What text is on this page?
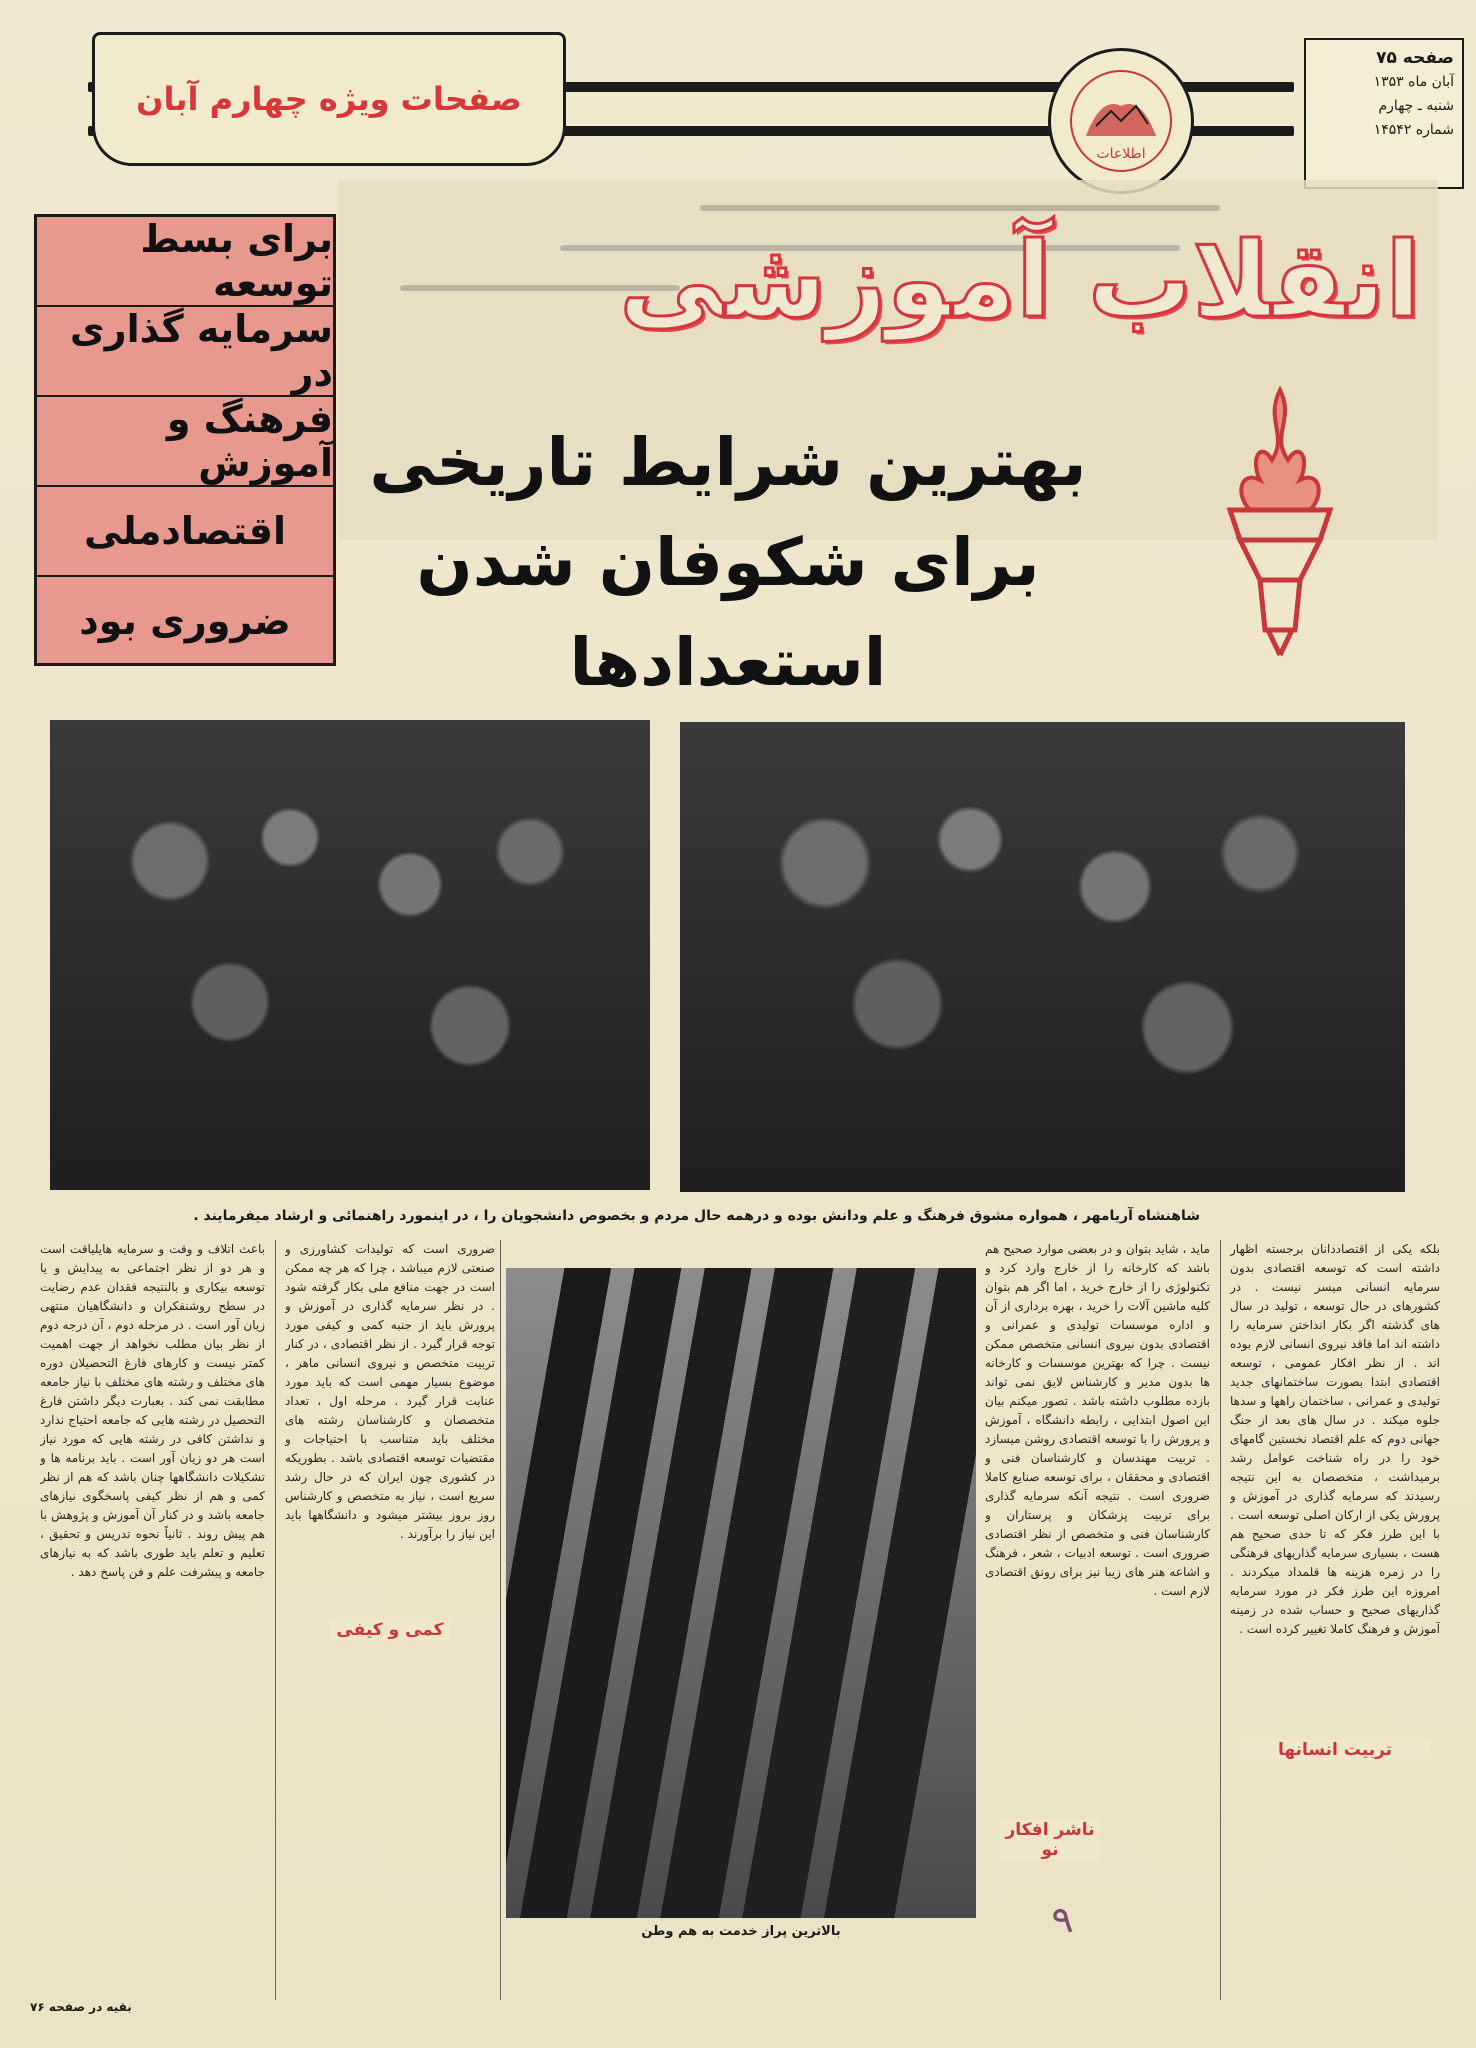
صفحات ویژه چهارم آبان
اطلاعات
صفحه ۷۵
آبان ماه ۱۳۵۳
شنبه ـ چهارم
شماره ۱۴۵۴۲
انقلاب آموزشی
بهترین شرایط تاریخی
برای شکوفان شدن
استعدادها
برای بسط توسعه
سرمایه گذاری در
فرهنگ و آموزش
اقتصادملی
ضروری بود
شاهنشاه آریامهر ، همواره مشوق فرهنگ و علم ودانش بوده و درهمه حال مردم و بخصوص دانشجویان را ، در اینمورد راهنمائی و ارشاد میفرمایند .
بالاترین پراز خدمت به هم وطن
باعث اتلاف و وقت و سرمایه هایلیاقت است و هر دو از نظر اجتماعی به پیدایش و یا توسعه بیکاری و بالنتیجه فقدان عدم رضایت در سطح روشنفکران و دانشگاهیان منتهی زیان آور است . در مرحله دوم ، آن درجه دوم از نظر بیان مطلب نخواهد از جهت اهمیت کمتر نیست و کارهای فارغ التحصیلان دوره های مختلف و رشته های مختلف با نیاز جامعه مطابقت نمی کند . بعبارت دیگر داشتن فارغ التحصیل در رشته هایی که جامعه احتیاج ندارد و نداشتن کافی در رشته هایی که مورد نیاز است هر دو زیان آور است . باید برنامه ها و تشکیلات دانشگاهها چنان باشد که هم از نظر کمی و هم از نظر کیفی پاسخگوی نیازهای جامعه باشد و در کنار آن آموزش و پژوهش با هم پیش روند . ثانیاً نحوه تدریس و تحقیق ، تعلیم و تعلم باید طوری باشد که به نیازهای جامعه و پیشرفت علم و فن پاسخ دهد .
ضروری است که تولیدات کشاورزی و صنعتی لازم میباشد ، چرا که هر چه ممکن است در جهت منافع ملی بکار گرفته شود . در نظر سرمایه گذاری در آموزش و پرورش باید از جنبه کمی و کیفی مورد توجه قرار گیرد . از نظر اقتصادی ، در کنار تربیت متخصص و نیروی انسانی ماهر ، موضوع بسیار مهمی است که باید مورد عنایت قرار گیرد . مرحله اول ، تعداد متخصصان و کارشناسان رشته های مختلف باید متناسب با احتیاجات و مقتضیات توسعه اقتصادی باشد . بطوریکه در کشوری چون ایران که در حال رشد سریع است ، نیاز به متخصص و کارشناس روز بروز بیشتر میشود و دانشگاهها باید این نیاز را برآورند .
کمی و کیفی
ماید ، شاید بتوان و در بعضی موارد صحیح هم باشد که کارخانه را از خارج وارد کرد و تکنولوژی را از خارج خرید ، اما اگر هم بتوان کلیه ماشین آلات را خرید ، بهره برداری از آن و اداره موسسات تولیدی و عمرانی و اقتصادی بدون نیروی انسانی متخصص ممکن نیست . چرا که بهترین موسسات و کارخانه ها بدون مدیر و کارشناس لایق نمی تواند بازده مطلوب داشته باشد . تصور میکنم بیان این اصول ابتدایی ، رابطه دانشگاه ، آموزش و پرورش را با توسعه اقتصادی روشن میسازد . تربیت مهندسان و کارشناسان فنی و اقتصادی و محققان ، برای توسعه صنایع کاملا ضروری است . نتیجه آنکه سرمایه گذاری برای تربیت پزشکان و پرستاران و کارشناسان فنی و متخصص از نظر اقتصادی ضروری است . توسعه ادبیات ، شعر ، فرهنگ و اشاعه هنر های زیبا نیز برای رونق اقتصادی لازم است .
ناشر افکار نو
بلکه یکی از اقتصاددانان برجسته اظهار داشته است که توسعه اقتصادی بدون سرمایه انسانی میسر نیست . در کشورهای در حال توسعه ، تولید در سال های گذشته اگر بکار انداختن سرمایه را داشته اند اما فاقد نیروی انسانی لازم بوده اند . از نظر افکار عمومی ، توسعه اقتصادی ابتدا بصورت ساختمانهای جدید تولیدی و عمرانی ، ساختمان راهها و سدها جلوه میکند . در سال های بعد از جنگ جهانی دوم که علم اقتصاد نخستین گامهای خود را در راه شناخت عوامل رشد برمیداشت ، متخصصان به این نتیجه رسیدند که سرمایه گذاری در آموزش و پرورش یکی از ارکان اصلی توسعه است . با این طرز فکر که تا حدی صحیح هم هست ، بسیاری سرمایه گذاریهای فرهنگی را در زمره هزینه ها قلمداد میکردند . امروزه این طرز فکر در مورد سرمایه گذاریهای صحیح و حساب شده در زمینه آموزش و فرهنگ کاملا تغییر کرده است .
تربیت انسانها
٩
بقیه در صفحه ۷۶
